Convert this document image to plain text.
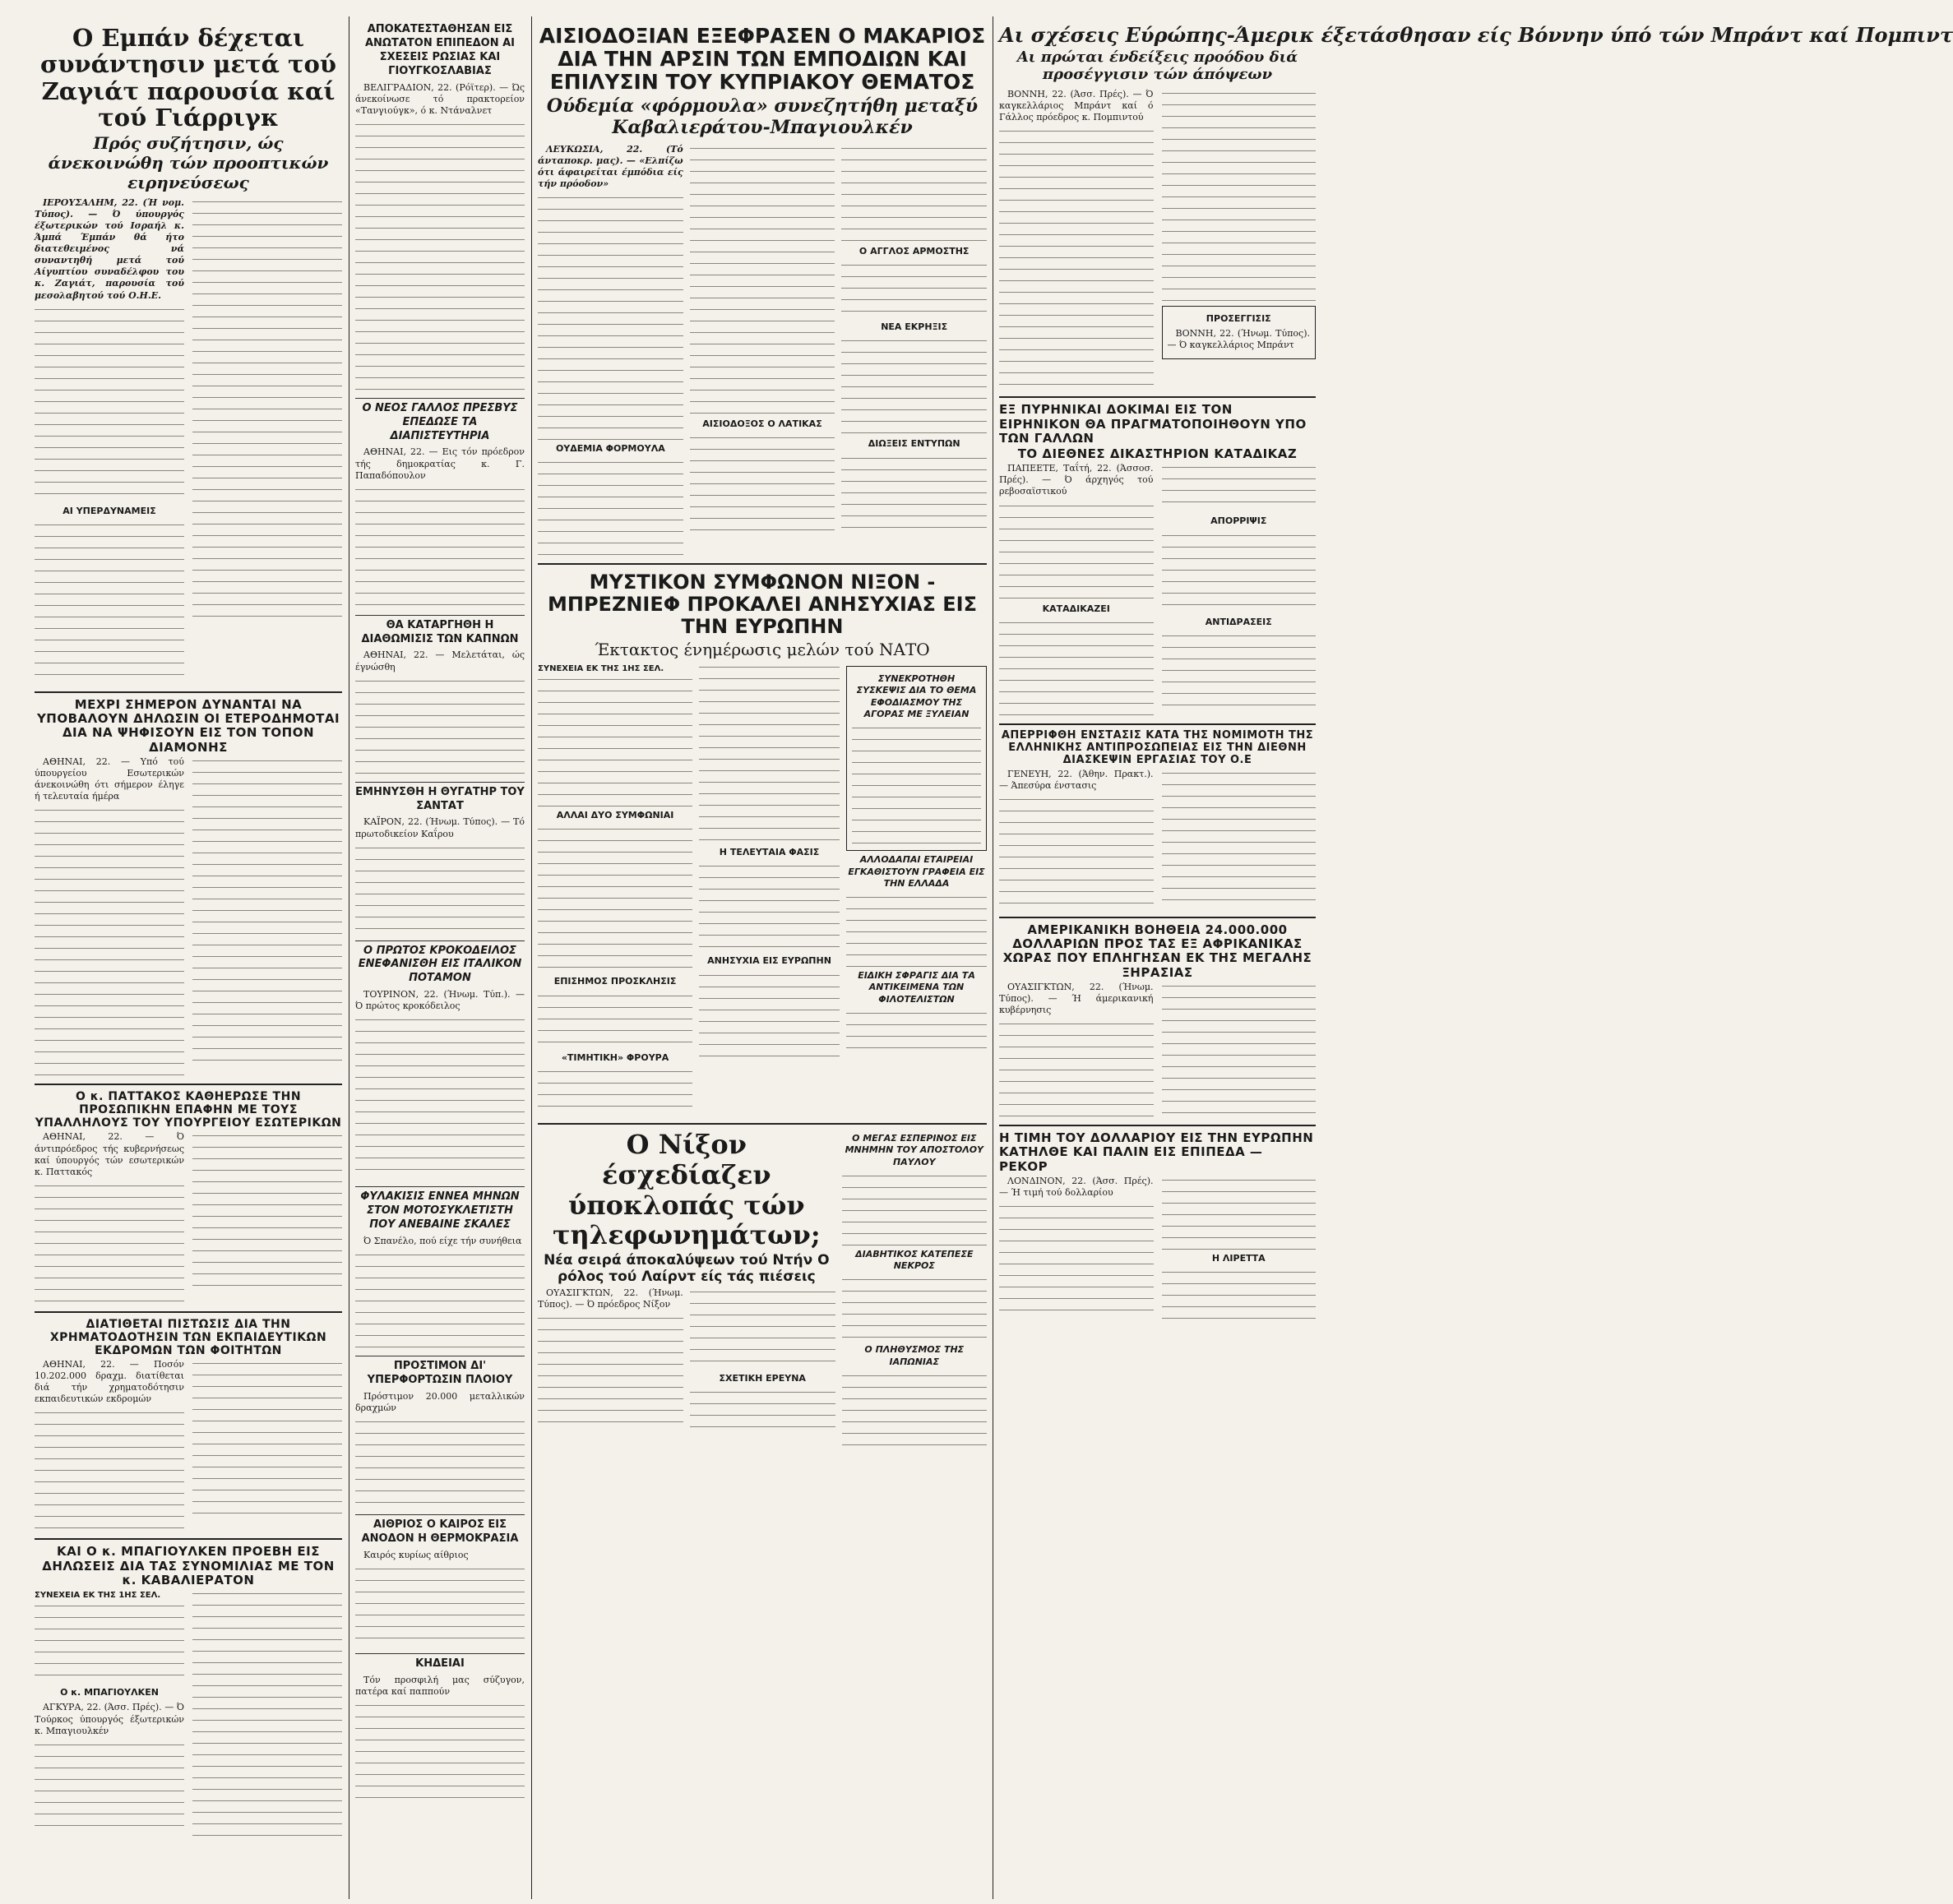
Ο Εμπάν δέχεται συνάντησιν μετά τού Ζαγιάτ παρουσία καί τού Γιάρριγκ
Πρός συζήτησιν, ώς άνεκοινώθη τών προοπτικών ειρηνεύσεως

ΙΕΡΟΥΣΑΛΗΜ, 22. (Ή νομ. Τύπος). — Ό ύπουργός έξωτερικών τού Ισραήλ κ. Άμπά Έμπάν θά ήτο διατεθειμένος νά συναντηθή μετά τού Αίγυπτίου συναδέλφου του κ. Ζαγιάτ, παρουσία τού μεσολαβητού τού Ο.Η.Ε.

ΑΙ ΥΠΕΡΔΥΝΑΜΕΙΣ
ΜΕΧΡΙ ΣΗΜΕΡΟΝ ΔΥΝΑΝΤΑΙ ΝΑ ΥΠΟΒΑΛΟΥΝ ΔΗΛΩΣΙΝ ΟΙ ΕΤΕΡΟΔΗΜΟΤΑΙ ΔΙΑ ΝΑ ΨΗΦΙΣΟΥΝ ΕΙΣ ΤΟΝ ΤΟΠΟΝ ΔΙΑΜΟΝΗΣ

ΑΘΗΝΑΙ, 22. — Υπό τού ύπουργείου Εσωτερικών άνεκοινώθη ότι σήμερον έληγε ή τελευταία ήμέρα

Ο κ. ΠΑΤΤΑΚΟΣ ΚΑΘΗΕΡΩΣΕ ΤΗΝ ΠΡΟΣΩΠΙΚΗΝ ΕΠΑΦΗΝ ΜΕ ΤΟΥΣ ΥΠΑΛΛΗΛΟΥΣ ΤΟΥ ΥΠΟΥΡΓΕΙΟΥ ΕΣΩΤΕΡΙΚΩΝ

ΑΘΗΝΑΙ, 22. — Ό άντιπρόεδρος τής κυβερνήσεως καί ύπουργός τών εσωτερικών κ. Παττακός

ΔΙΑΤΙΘΕΤΑΙ ΠΙΣΤΩΣΙΣ ΔΙΑ ΤΗΝ ΧΡΗΜΑΤΟΔΟΤΗΣΙΝ ΤΩΝ ΕΚΠΑΙΔΕΥΤΙΚΩΝ ΕΚΔΡΟΜΩΝ ΤΩΝ ΦΟΙΤΗΤΩΝ

ΑΘΗΝΑΙ, 22. — Ποσόν 10.202.000 δραχμ. διατίθεται διά τήν χρηματοδότησιν εκπαιδευτικών εκδρομών

ΚΑΙ Ο κ. ΜΠΑΓΙΟΥΛΚΕΝ ΠΡΟΕΒΗ ΕΙΣ ΔΗΛΩΣΕΙΣ ΔΙΑ ΤΑΣ ΣΥΝΟΜΙΛΙΑΣ ΜΕ ΤΟΝ κ. ΚΑΒΑΛΙΕΡΑΤΟΝ
ΣΥΝΕΧΕΙΑ ΕΚ ΤΗΣ 1ΗΣ ΣΕΛ.
Ο κ. ΜΠΑΓΙΟΥΛΚΕΝ

ΑΓΚΥΡΑ, 22. (Άσσ. Πρές). — Ό Τούρκος ύπουργός έξωτερικών κ. Μπαγιουλκέν

ΑΠΟΚΑΤΕΣΤΑΘΗΣΑΝ ΕΙΣ ΑΝΩΤΑΤΟΝ ΕΠΙΠΕΔΟΝ ΑΙ ΣΧΕΣΕΙΣ ΡΩΣΙΑΣ ΚΑΙ ΓΙΟΥΓΚΟΣΛΑΒΙΑΣ

ΒΕΛΙΓΡΑΔΙΟΝ, 22. (Ρόϊτερ). — Ώς άνεκοίνωσε τό πρακτορείον «Τανγιούγκ», ό κ. Ντάναλνετ

Ο ΝΕΟΣ ΓΑΛΛΟΣ ΠΡΕΣΒΥΣ ΕΠΕΔΩΣΕ ΤΑ ΔΙΑΠΙΣΤΕΥΤΗΡΙΑ

ΑΘΗΝΑΙ, 22. — Εις τόν πρόεδρον τής δημοκρατίας κ. Γ. Παπαδόπουλον

ΘΑ ΚΑΤΑΡΓΗΘΗ Η ΔΙΑΘΩΜΙΣΙΣ ΤΩΝ ΚΑΠΝΩΝ

ΑΘΗΝΑΙ, 22. — Μελετάται, ώς έγνώσθη

ΕΜΗΝΥΣΘΗ Η ΘΥΓΑΤΗΡ ΤΟΥ ΣΑΝΤΑΤ

ΚΑΪΡΟΝ, 22. (Ήνωμ. Τύπος). — Τό πρωτοδικείον Καΐρου

Ο ΠΡΩΤΟΣ ΚΡΟΚΟΔΕΙΛΟΣ ΕΝΕΦΑΝΙΣΘΗ ΕΙΣ ΙΤΑΛΙΚΟΝ ΠΟΤΑΜΟΝ

ΤΟΥΡΙΝΟΝ, 22. (Ήνωμ. Τύπ.). — Ό πρώτος κροκόδειλος

ΦΥΛΑΚΙΣΙΣ ΕΝΝΕΑ ΜΗΝΩΝ ΣΤΟΝ ΜΟΤΟΣΥΚΛΕΤΙΣΤΗ ΠΟΥ ΑΝΕΒΑΙΝΕ ΣΚΑΛΕΣ

Ό Σπανέλο, πού είχε τήν συνήθεια

ΠΡΟΣΤΙΜΟΝ ΔΙ' ΥΠΕΡΦΟΡΤΩΣΙΝ ΠΛΟΙΟΥ

Πρόστιμον 20.000 μεταλλικών δραχμών

ΑΙΘΡΙΟΣ Ο ΚΑΙΡΟΣ ΕΙΣ ΑΝΟΔΟΝ Η ΘΕΡΜΟΚΡΑΣΙΑ

Καιρός κυρίως αίθριος

ΚΗΔΕΙΑΙ

Τόν προσφιλή μας σύζυγον, πατέρα καί παππούν

ΑΙΣΙΟΔΟΞΙΑΝ ΕΞΕΦΡΑΣΕΝ Ο ΜΑΚΑΡΙΟΣ ΔΙΑ ΤΗΝ ΑΡΣΙΝ ΤΩΝ ΕΜΠΟΔΙΩΝ ΚΑΙ ΕΠΙΛΥΣΙΝ ΤΟΥ ΚΥΠΡΙΑΚΟΥ ΘΕΜΑΤΟΣ
Ούδεμία «φόρμουλα» συνεζητήθη μεταξύ Καβαλιεράτου-Μπαγιουλκέν

ΛΕΥΚΩΣΙΑ, 22. (Τό άνταποκρ. μας). — «Ελπίζω ότι άφαιρείται έμπόδια είς τήν πρόοδον»

ΟΥΔΕΜΙΑ ΦΟΡΜΟΥΛΑ
ΑΙΣΙΟΔΟΞΟΣ Ο ΛΑΤΙΚΑΣ
Ο ΑΓΓΛΟΣ ΑΡΜΟΣΤΗΣ
ΝΕΑ ΕΚΡΗΞΙΣ
ΔΙΩΞΕΙΣ ΕΝΤΥΠΩΝ
ΜΥΣΤΙΚΟΝ ΣΥΜΦΩΝΟΝ ΝΙΞΟΝ - ΜΠΡΕΖΝΙΕΦ ΠΡΟΚΑΛΕΙ ΑΝΗΣΥΧΙΑΣ ΕΙΣ ΤΗΝ ΕΥΡΩΠΗΝ
Έκτακτος ένημέρωσις μελών τού ΝΑΤΟ
ΣΥΝΕΧΕΙΑ ΕΚ ΤΗΣ 1ΗΣ ΣΕΛ.
ΑΛΛΑΙ ΔΥΟ ΣΥΜΦΩΝΙΑΙ
ΕΠΙΣΗΜΟΣ ΠΡΟΣΚΛΗΣΙΣ
«ΤΙΜΗΤΙΚΗ» ΦΡΟΥΡΑ
Η ΤΕΛΕΥΤΑΙΑ ΦΑΣΙΣ
ΑΝΗΣΥΧΙΑ ΕΙΣ ΕΥΡΩΠΗΝ
ΣΥΝΕΚΡΟΤΗΘΗ ΣΥΣΚΕΨΙΣ ΔΙΑ ΤΟ ΘΕΜΑ ΕΦΟΔΙΑΣΜΟΥ ΤΗΣ ΑΓΟΡΑΣ ΜΕ ΞΥΛΕΙΑΝ
ΑΛΛΟΔΑΠΑΙ ΕΤΑΙΡΕΙΑΙ ΕΓΚΑΘΙΣΤΟΥΝ ΓΡΑΦΕΙΑ ΕΙΣ ΤΗΝ ΕΛΛΑΔΑ
ΕΙΔΙΚΗ ΣΦΡΑΓΙΣ ΔΙΑ ΤΑ ΑΝΤΙΚΕΙΜΕΝΑ ΤΩΝ ΦΙΛΟΤΕΛΙΣΤΩΝ
Ο Νίξον έσχεδίαζεν ύποκλοπάς τών τηλεφωνημάτων;
Νέα σειρά άποκαλύψεων τού Ντήν Ο ρόλος τού Λαίρντ είς τάς πιέσεις

ΟΥΑΣΙΓΚΤΩΝ, 22. (Ήνωμ. Τύπος). — Ό πρόεδρος Νίξον

ΣΧΕΤΙΚΗ ΕΡΕΥΝΑ
Ο ΜΕΓΑΣ ΕΣΠΕΡΙΝΟΣ ΕΙΣ ΜΝΗΜΗΝ ΤΟΥ ΑΠΟΣΤΟΛΟΥ ΠΑΥΛΟΥ
ΔΙΑΒΗΤΙΚΟΣ ΚΑΤΕΠΕΣΕ ΝΕΚΡΟΣ
Ο ΠΛΗΘΥΣΜΟΣ ΤΗΣ ΙΑΠΩΝΙΑΣ
Αι σχέσεις Εύρώπης-Άμερικ έξετάσθησαν είς Βόννην ύπό τών Μπράντ καί Πομπιντ
Αι πρώται ένδείξεις προόδου διά προσέγγισιν τών άπόψεων

ΒΟΝΝΗ, 22. (Άσσ. Πρές). — Ό καγκελλάριος Μπράντ καί ό Γάλλος πρόεδρος κ. Πομπιντού

ΠΡΟΣΕΓΓΙΣΙΣ

ΒΟΝΝΗ, 22. (Ήνωμ. Τύπος). — Ό καγκελλάριος Μπράντ

ΕΞ ΠΥΡΗΝΙΚΑΙ ΔΟΚΙΜΑΙ ΕΙΣ ΤΟΝ ΕΙΡΗΝΙΚΟΝ ΘΑ ΠΡΑΓΜΑΤΟΠΟΙΗΘΟΥΝ ΥΠΟ ΤΩΝ ΓΑΛΛΩΝ
ΤΟ ΔΙΕΘΝΕΣ ΔΙΚΑΣΤΗΡΙΟΝ ΚΑΤΑΔΙΚΑΖ

ΠΑΠΕΕΤΕ, Ταΐτή, 22. (Άσσοσ. Πρές). — Ό άρχηγός τού ρεβοσαϊστικού

ΚΑΤΑΔΙΚΑΖΕΙ
ΑΠΟΡΡΙΨΙΣ
ΑΝΤΙΔΡΑΣΕΙΣ
ΑΠΕΡΡΙΦΘΗ ΕΝΣΤΑΣΙΣ ΚΑΤΑ ΤΗΣ ΝΟΜΙΜΟΤΗ ΤΗΣ ΕΛΛΗΝΙΚΗΣ ΑΝΤΙΠΡΟΣΩΠΕΙΑΣ ΕΙΣ ΤΗΝ ΔΙΕΘΝΗ ΔΙΑΣΚΕΨΙΝ ΕΡΓΑΣΙΑΣ ΤΟΥ Ο.Ε

ΓΕΝΕΥΗ, 22. (Άθην. Πρακτ.). — Άπεσύρα ένστασις

ΑΜΕΡΙΚΑΝΙΚΗ ΒΟΗΘΕΙΑ 24.000.000 ΔΟΛΛΑΡΙΩΝ ΠΡΟΣ ΤΑΣ ΕΞ ΑΦΡΙΚΑΝΙΚΑΣ ΧΩΡΑΣ ΠΟΥ ΕΠΛΗΓΗΣΑΝ ΕΚ ΤΗΣ ΜΕΓΑΛΗΣ ΞΗΡΑΣΙΑΣ

ΟΥΑΣΙΓΚΤΩΝ, 22. (Ήνωμ. Τύπος). — Ή άμερικανική κυβέρνησις

Η ΤΙΜΗ ΤΟΥ ΔΟΛΛΑΡΙΟΥ ΕΙΣ ΤΗΝ ΕΥΡΩΠΗΝ ΚΑΤΗΛΘΕ ΚΑΙ ΠΑΛΙΝ ΕΙΣ ΕΠΙΠΕΔΑ — ΡΕΚΟΡ

ΛΟΝΔΙΝΟΝ, 22. (Άσσ. Πρές). — Ή τιμή τού δολλαρίου

Η ΛΙΡΕΤΤΑ
